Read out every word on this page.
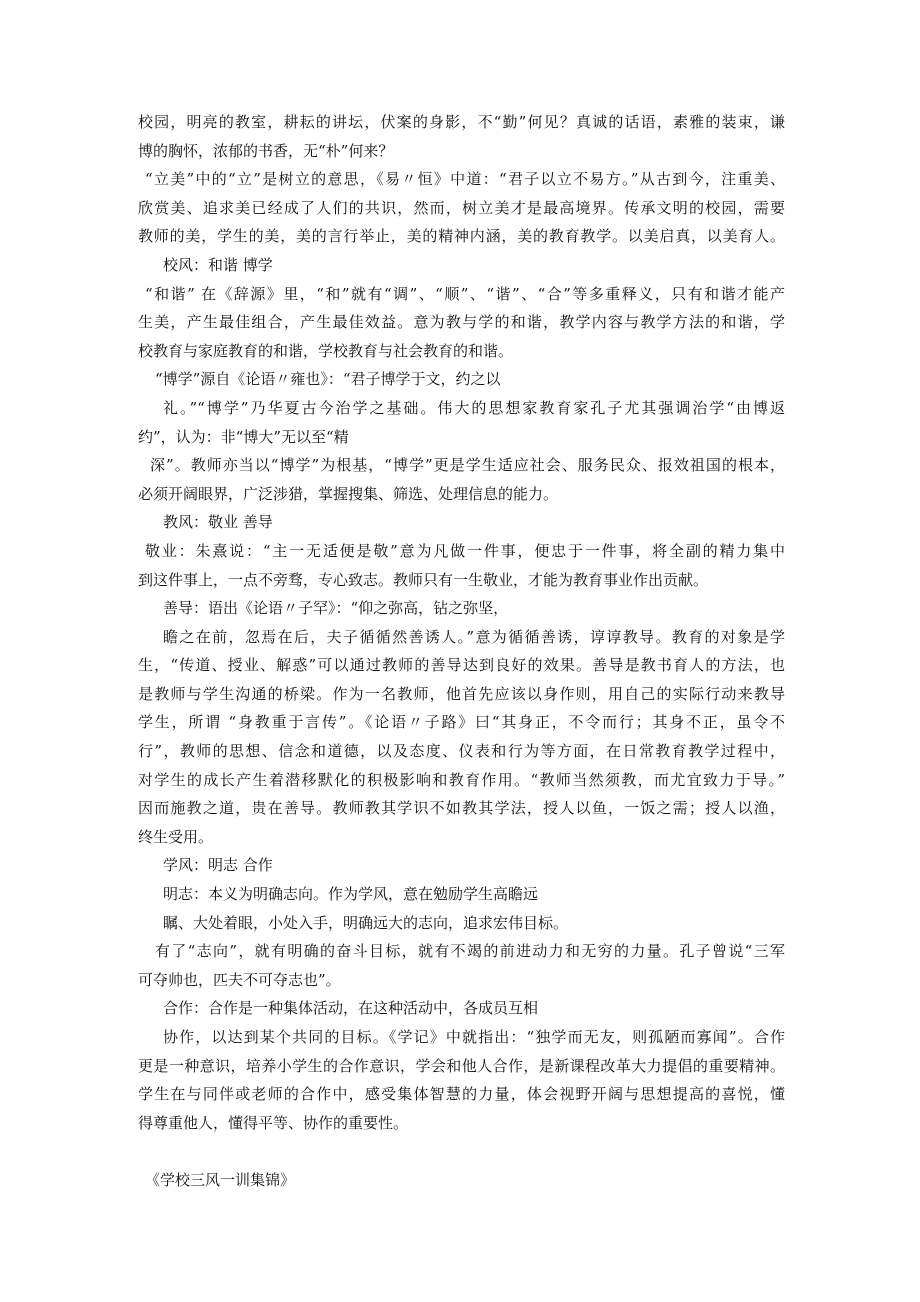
校园，明亮的教室，耕耘的讲坛，伏案的身影，不“勤”何见？真诚的话语，素雅的装束，谦
博的胸怀，浓郁的书香，无“朴”何来？
“立美”中的“立”是树立的意思，《易〃恒》中道：“君子以立不易方。”从古到今，注重美、
欣赏美、追求美已经成了人们的共识，然而，树立美才是最高境界。传承文明的校园，需要
教师的美，学生的美，美的言行举止，美的精神内涵，美的教育教学。以美启真，以美育人。
校风：和谐 博学
“和谐” 在《辞源》里，“和”就有“调”、“顺”、“谐”、“合”等多重释义，只有和谐才能产
生美，产生最佳组合，产生最佳效益。意为教与学的和谐，教学内容与教学方法的和谐，学
校教育与家庭教育的和谐，学校教育与社会教育的和谐。
“博学”源自《论语〃雍也》：“君子博学于文，约之以
礼。”“博学”乃华夏古今治学之基础。伟大的思想家教育家孔子尤其强调治学“由博返
约”，认为：非“博大”无以至“精
深”。教师亦当以“博学”为根基，“博学”更是学生适应社会、服务民众、报效祖国的根本，
必须开阔眼界，广泛涉猎，掌握搜集、筛选、处理信息的能力。
教风：敬业 善导
敬业：朱熹说：“主一无适便是敬”意为凡做一件事，便忠于一件事，将全副的精力集中
到这件事上，一点不旁骛，专心致志。教师只有一生敬业，才能为教育事业作出贡献。
善导：语出《论语〃子罕》：“仰之弥高，钻之弥坚，
瞻之在前，忽焉在后，夫子循循然善诱人。”意为循循善诱，谆谆教导。教育的对象是学
生，“传道、授业、解惑”可以通过教师的善导达到良好的效果。善导是教书育人的方法，也
是教师与学生沟通的桥梁。作为一名教师，他首先应该以身作则，用自己的实际行动来教导
学生，所谓 “身教重于言传”。《论语〃子路》曰“其身正，不令而行；其身不正，虽令不
行”，教师的思想、信念和道德，以及态度、仪表和行为等方面，在日常教育教学过程中，
对学生的成长产生着潜移默化的积极影响和教育作用。“教师当然须教，而尤宜致力于导。”
因而施教之道，贵在善导。教师教其学识不如教其学法，授人以鱼，一饭之需；授人以渔，
终生受用。
学风：明志 合作
明志：本义为明确志向。作为学风，意在勉励学生高瞻远
瞩、大处着眼，小处入手，明确远大的志向，追求宏伟目标。
有了“志向”，就有明确的奋斗目标，就有不竭的前进动力和无穷的力量。孔子曾说“三军
可夺帅也，匹夫不可夺志也”。
合作：合作是一种集体活动，在这种活动中，各成员互相
协作，以达到某个共同的目标。《学记》中就指出：“独学而无友，则孤陋而寡闻”。合作
更是一种意识，培养小学生的合作意识，学会和他人合作，是新课程改革大力提倡的重要精神。
学生在与同伴或老师的合作中，感受集体智慧的力量，体会视野开阔与思想提高的喜悦，懂
得尊重他人，懂得平等、协作的重要性。
《学校三风一训集锦》
